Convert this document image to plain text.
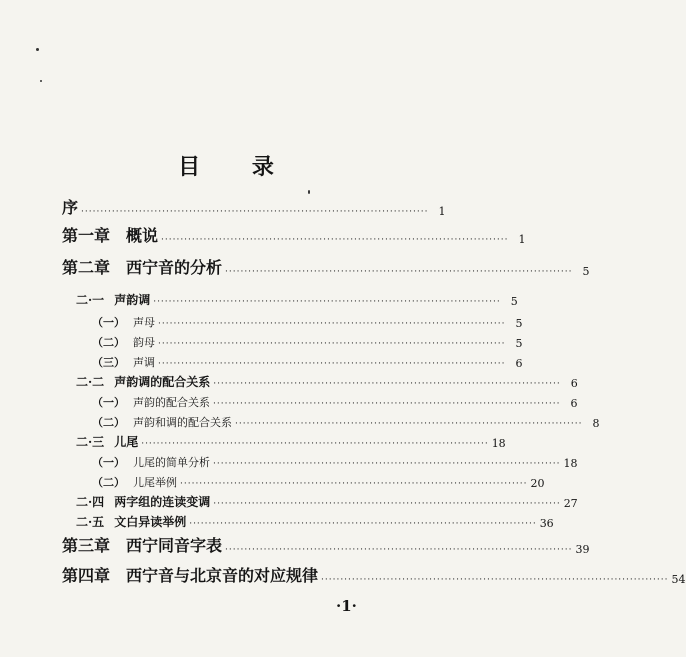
目 录
序 ·························································································· 1
第一章　概说 ·························································································· 1
第二章　西宁音的分析 ·························································································· 5
二·一 声韵调 ·························································································· 5
（一） 声母 ·························································································· 5
（二） 韵母 ·························································································· 5
（三） 声调 ·························································································· 6
二·二 声韵调的配合关系 ·························································································· 6
（一） 声韵的配合关系 ·························································································· 6
（二） 声韵和调的配合关系 ·························································································· 8
二·三 儿尾 ·························································································· 18
（一） 儿尾的简单分析 ·························································································· 18
（二） 儿尾举例 ·························································································· 20
二·四 两字组的连读变调 ·························································································· 27
二·五 文白异读举例 ·························································································· 36
第三章　西宁同音字表 ·························································································· 39
第四章　西宁音与北京音的对应规律 ·························································································· 54
·1·
